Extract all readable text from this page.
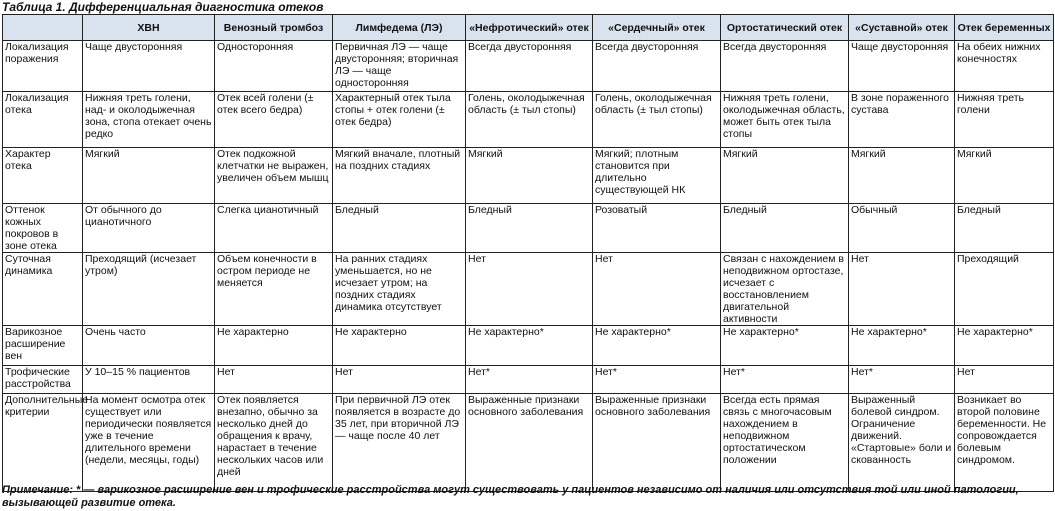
Таблица 1. Дифференциальная диагностика отеков
	ХВН	Венозный тромбоз	Лимфедема (ЛЭ)	«Нефротический» отек	«Сердечный» отек	Ортостатический отек	«Суставной» отек	Отек беременных
Локализация поражения	Чаще двусторонняя	Односторонняя	Первичная ЛЭ — чаще двусторонняя; вторичная ЛЭ — чаще односторонняя	Всегда двусторонняя	Всегда двусторонняя	Всегда двусторонняя	Чаще двусторонняя	На обеих нижних конечностях
Локализация отека	Нижняя треть голени, над- и околодыжечная зона, стопа отекает очень редко	Отек всей голени (± отек всего бедра)	Характерный отек тыла стопы + отек голени (± отек бедра)	Голень, околодыжечная область (± тыл стопы)	Голень, околодыжечная область (± тыл стопы)	Нижняя треть голени, околодыжечная область, может быть отек тыла стопы	В зоне пораженного сустава	Нижняя треть голени
Характер отека	Мягкий	Отек подкожной клетчатки не выражен, увеличен объем мышц	Мягкий вначале, плотный на поздних стадиях	Мягкий	Мягкий; плотным становится при длительно существующей НК	Мягкий	Мягкий	Мягкий
Оттенок кожных покровов в зоне отека	От обычного до цианотичного	Слегка цианотичный	Бледный	Бледный	Розоватый	Бледный	Обычный	Бледный
Суточная динамика	Преходящий (исчезает утром)	Объем конечности в остром периоде не меняется	На ранних стадиях уменьшается, но не исчезает утром; на поздних стадиях динамика отсутствует	Нет	Нет	Связан с нахождением в неподвижном ортостазе, исчезает с восстановлением двигательной активности	Нет	Преходящий
Варикозное расширение вен	Очень часто	Не характерно	Не характерно	Не характерно*	Не характерно*	Не характерно*	Не характерно*	Не характерно*
Трофические расстройства	У 10–15 % пациентов	Нет	Нет	Нет*	Нет*	Нет*	Нет*	Нет
Дополнительные критерии	На момент осмотра отек существует или периодически появляется уже в течение длительного времени (недели, месяцы, годы)	Отек появляется внезапно, обычно за несколько дней до обращения к врачу, нарастает в течение нескольких часов или дней	При первичной ЛЭ отек появляется в возрасте до 35 лет, при вторичной ЛЭ — чаще после 40 лет	Выраженные признаки основного заболевания	Выраженные признаки основного заболевания	Всегда есть прямая связь с многочасовым нахождением в неподвижном ортостатическом положении	Выраженный болевой синдром. Ограничение движений. «Стартовые» боли и скованность	Возникает во второй половине беременности. Не сопровождается болевым синдромом.
Примечание: * — варикозное расширение вен и трофические расстройства могут существовать у пациентов независимо от наличия или отсутствия той или иной патологии, вызывающей развитие отека.
